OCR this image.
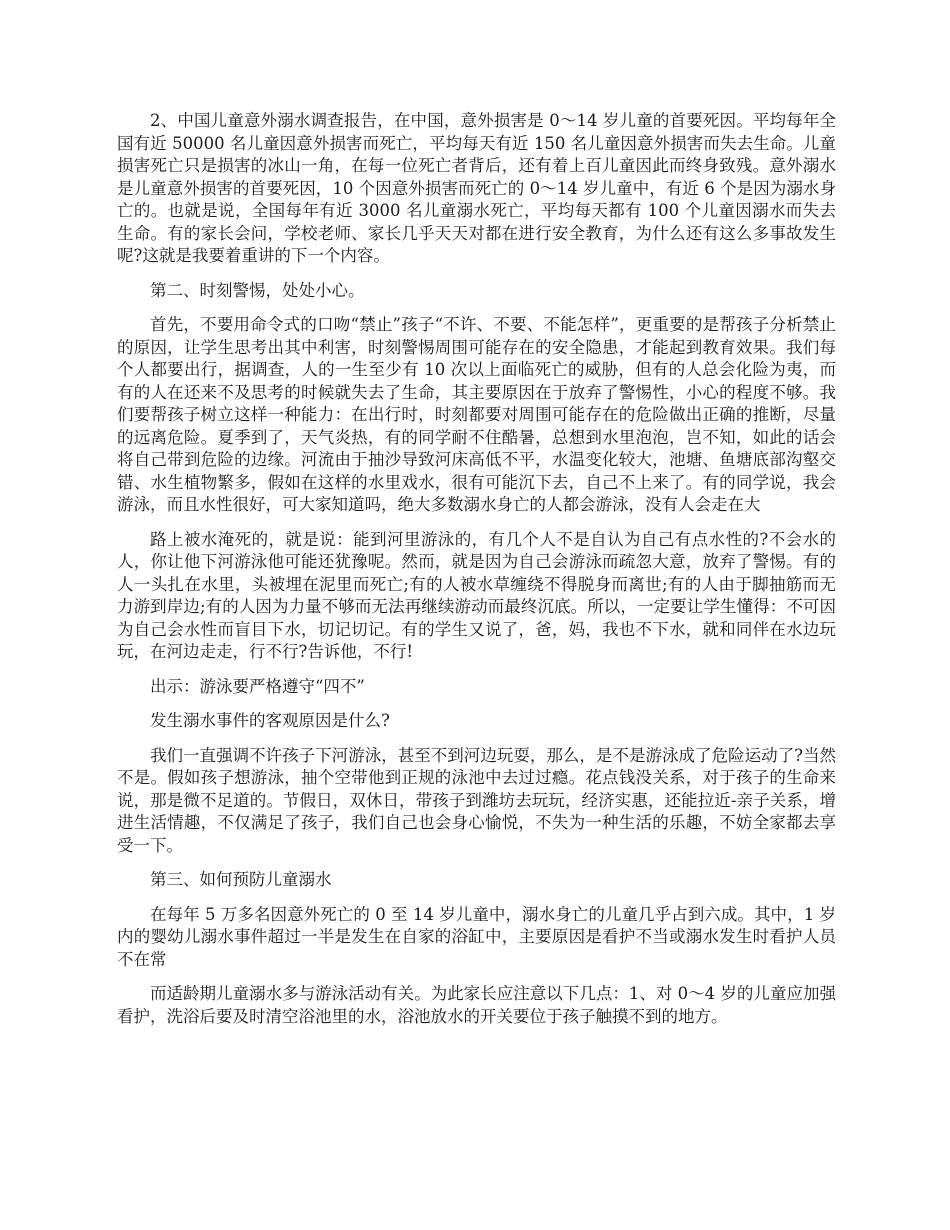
2、中国儿童意外溺水调查报告，在中国，意外损害是 0～14 岁儿童的首要死因。平均每年全国有近 50000 名儿童因意外损害而死亡，平均每天有近 150 名儿童因意外损害而失去生命。儿童损害死亡只是损害的冰山一角，在每一位死亡者背后，还有着上百儿童因此而终身致残。意外溺水是儿童意外损害的首要死因，10 个因意外损害而死亡的 0～14 岁儿童中，有近 6 个是因为溺水身亡的。也就是说，全国每年有近 3000 名儿童溺水死亡，平均每天都有 100 个儿童因溺水而失去生命。有的家长会问，学校老师、家长几乎天天对都在进行安全教育，为什么还有这么多事故发生呢?这就是我要着重讲的下一个内容。

第二、时刻警惕，处处小心。

首先，不要用命令式的口吻“禁止”孩子“不许、不要、不能怎样”，更重要的是帮孩子分析禁止的原因，让学生思考出其中利害，时刻警惕周围可能存在的安全隐患，才能起到教育效果。我们每个人都要出行，据调查，人的一生至少有 10 次以上面临死亡的威胁，但有的人总会化险为夷，而有的人在还来不及思考的时候就失去了生命，其主要原因在于放弃了警惕性，小心的程度不够。我们要帮孩子树立这样一种能力：在出行时，时刻都要对周围可能存在的危险做出正确的推断，尽量的远离危险。夏季到了，天气炎热，有的同学耐不住酷暑，总想到水里泡泡，岂不知，如此的话会将自己带到危险的边缘。河流由于抽沙导致河床高低不平，水温变化较大，池塘、鱼塘底部沟壑交错、水生植物繁多，假如在这样的水里戏水，很有可能沉下去，自己不上来了。有的同学说，我会游泳，而且水性很好，可大家知道吗，绝大多数溺水身亡的人都会游泳，没有人会走在大

路上被水淹死的，就是说：能到河里游泳的，有几个人不是自认为自己有点水性的?不会水的人，你让他下河游泳他可能还犹豫呢。然而，就是因为自己会游泳而疏忽大意，放弃了警惕。有的人一头扎在水里，头被埋在泥里而死亡;有的人被水草缠绕不得脱身而离世;有的人由于脚抽筋而无力游到岸边;有的人因为力量不够而无法再继续游动而最终沉底。所以，一定要让学生懂得：不可因为自己会水性而盲目下水，切记切记。有的学生又说了，爸，妈，我也不下水，就和同伴在水边玩玩，在河边走走，行不行?告诉他，不行!

出示：游泳要严格遵守“四不”

发生溺水事件的客观原因是什么?

我们一直强调不许孩子下河游泳，甚至不到河边玩耍，那么，是不是游泳成了危险运动了?当然不是。假如孩子想游泳，抽个空带他到正规的泳池中去过过瘾。花点钱没关系，对于孩子的生命来说，那是微不足道的。节假日，双休日，带孩子到潍坊去玩玩，经济实惠，还能拉近-亲子关系，增进生活情趣，不仅满足了孩子，我们自己也会身心愉悦，不失为一种生活的乐趣，不妨全家都去享受一下。

第三、如何预防儿童溺水

在每年 5 万多名因意外死亡的 0 至 14 岁儿童中，溺水身亡的儿童几乎占到六成。其中，1 岁内的婴幼儿溺水事件超过一半是发生在自家的浴缸中，主要原因是看护不当或溺水发生时看护人员不在常

而适龄期儿童溺水多与游泳活动有关。为此家长应注意以下几点：1、对 0～4 岁的儿童应加强看护，洗浴后要及时清空浴池里的水，浴池放水的开关要位于孩子触摸不到的地方。
